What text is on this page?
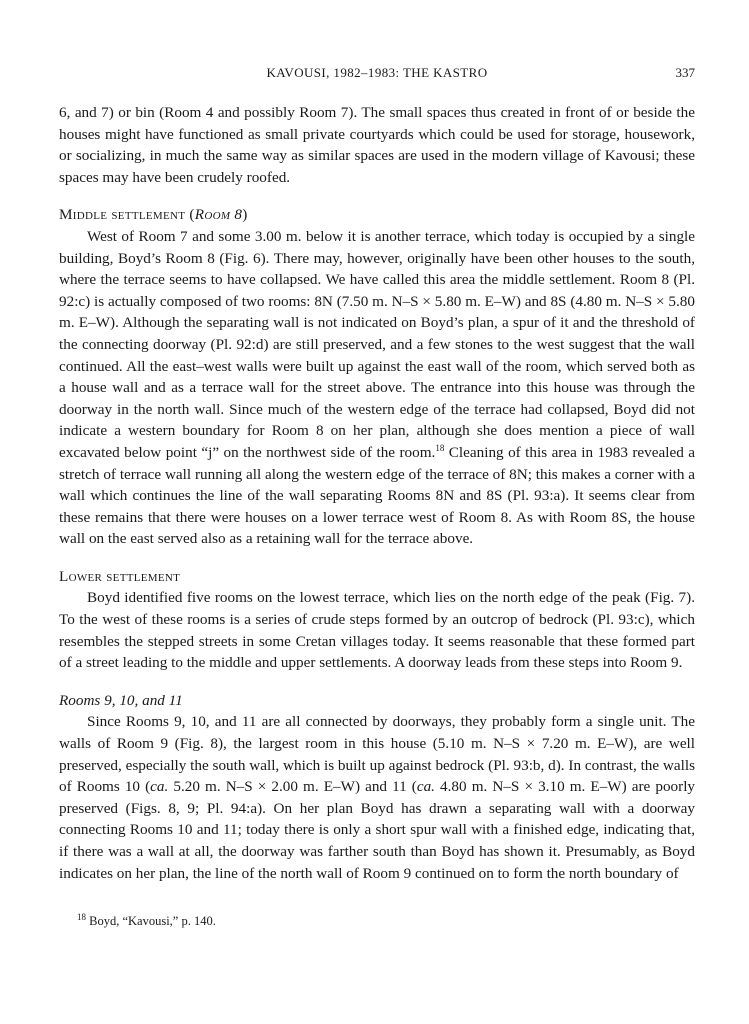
KAVOUSI, 1982–1983: THE KASTRO	337

6, and 7) or bin (Room 4 and possibly Room 7). The small spaces thus created in front of or beside the houses might have functioned as small private courtyards which could be used for storage, housework, or socializing, in much the same way as similar spaces are used in the modern village of Kavousi; these spaces may have been crudely roofed.

Middle settlement (Room 8)

West of Room 7 and some 3.00 m. below it is another terrace, which today is occupied by a single building, Boyd’s Room 8 (Fig. 6). There may, however, originally have been other houses to the south, where the terrace seems to have collapsed. We have called this area the middle settlement. Room 8 (Pl. 92:c) is actually composed of two rooms: 8N (7.50 m. N–S × 5.80 m. E–W) and 8S (4.80 m. N–S × 5.80 m. E–W). Although the separating wall is not indicated on Boyd’s plan, a spur of it and the threshold of the connecting doorway (Pl. 92:d) are still preserved, and a few stones to the west suggest that the wall continued. All the east–west walls were built up against the east wall of the room, which served both as a house wall and as a terrace wall for the street above. The entrance into this house was through the doorway in the north wall. Since much of the western edge of the terrace had collapsed, Boyd did not indicate a western boundary for Room 8 on her plan, although she does mention a piece of wall excavated below point “j” on the northwest side of the room.$^{18}$ Cleaning of this area in 1983 revealed a stretch of terrace wall running all along the western edge of the terrace of 8N; this makes a corner with a wall which continues the line of the wall separating Rooms 8N and 8S (Pl. 93:a). It seems clear from these remains that there were houses on a lower terrace west of Room 8. As with Room 8S, the house wall on the east served also as a retaining wall for the terrace above.

Lower settlement

Boyd identified five rooms on the lowest terrace, which lies on the north edge of the peak (Fig. 7). To the west of these rooms is a series of crude steps formed by an outcrop of bedrock (Pl. 93:c), which resembles the stepped streets in some Cretan villages today. It seems reasonable that these formed part of a street leading to the middle and upper settlements. A doorway leads from these steps into Room 9.

Rooms 9, 10, and 11

Since Rooms 9, 10, and 11 are all connected by doorways, they probably form a single unit. The walls of Room 9 (Fig. 8), the largest room in this house (5.10 m. N–S × 7.20 m. E–W), are well preserved, especially the south wall, which is built up against bedrock (Pl. 93:b, d). In contrast, the walls of Rooms 10 (ca. 5.20 m. N–S × 2.00 m. E–W) and 11 (ca. 4.80 m. N–S × 3.10 m. E–W) are poorly preserved (Figs. 8, 9; Pl. 94:a). On her plan Boyd has drawn a separating wall with a doorway connecting Rooms 10 and 11; today there is only a short spur wall with a finished edge, indicating that, if there was a wall at all, the doorway was farther south than Boyd has shown it. Presumably, as Boyd indicates on her plan, the line of the north wall of Room 9 continued on to form the north boundary of

$^{18}$ Boyd, “Kavousi,” p. 140.
